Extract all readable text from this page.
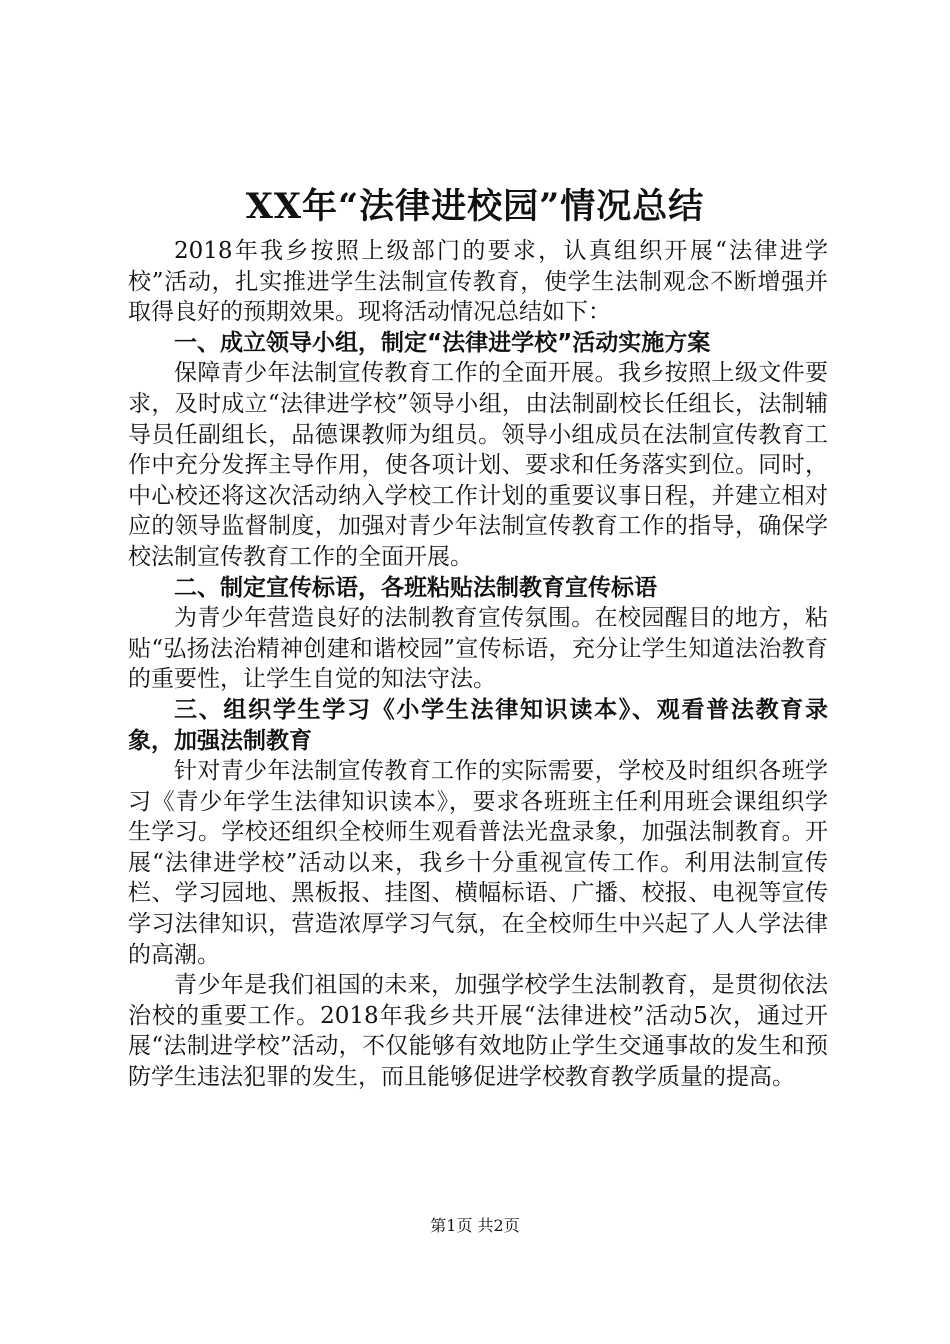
XX年“法律进校园”情况总结

2018年我乡按照上级部门的要求，认真组织开展“法律进学校”活动，扎实推进学生法制宣传教育，使学生法制观念不断增强并取得良好的预期效果。现将活动情况总结如下：

一、成立领导小组，制定“法律进学校”活动实施方案

保障青少年法制宣传教育工作的全面开展。我乡按照上级文件要求，及时成立“法律进学校”领导小组，由法制副校长任组长，法制辅导员任副组长，品德课教师为组员。领导小组成员在法制宣传教育工作中充分发挥主导作用，使各项计划、要求和任务落实到位。同时，中心校还将这次活动纳入学校工作计划的重要议事日程，并建立相对应的领导监督制度，加强对青少年法制宣传教育工作的指导，确保学校法制宣传教育工作的全面开展。

二、制定宣传标语，各班粘贴法制教育宣传标语

为青少年营造良好的法制教育宣传氛围。在校园醒目的地方，粘贴“弘扬法治精神创建和谐校园”宣传标语，充分让学生知道法治教育的重要性，让学生自觉的知法守法。

三、组织学生学习《小学生法律知识读本》、观看普法教育录象，加强法制教育

针对青少年法制宣传教育工作的实际需要，学校及时组织各班学习《青少年学生法律知识读本》，要求各班班主任利用班会课组织学生学习。学校还组织全校师生观看普法光盘录象，加强法制教育。开展“法律进学校”活动以来，我乡十分重视宣传工作。利用法制宣传栏、学习园地、黑板报、挂图、横幅标语、广播、校报、电视等宣传学习法律知识，营造浓厚学习气氛，在全校师生中兴起了人人学法律的高潮。

青少年是我们祖国的未来，加强学校学生法制教育，是贯彻依法治校的重要工作。2018年我乡共开展“法律进校”活动5次，通过开展“法制进学校”活动，不仅能够有效地防止学生交通事故的发生和预防学生违法犯罪的发生，而且能够促进学校教育教学质量的提高。

第1页 共2页
